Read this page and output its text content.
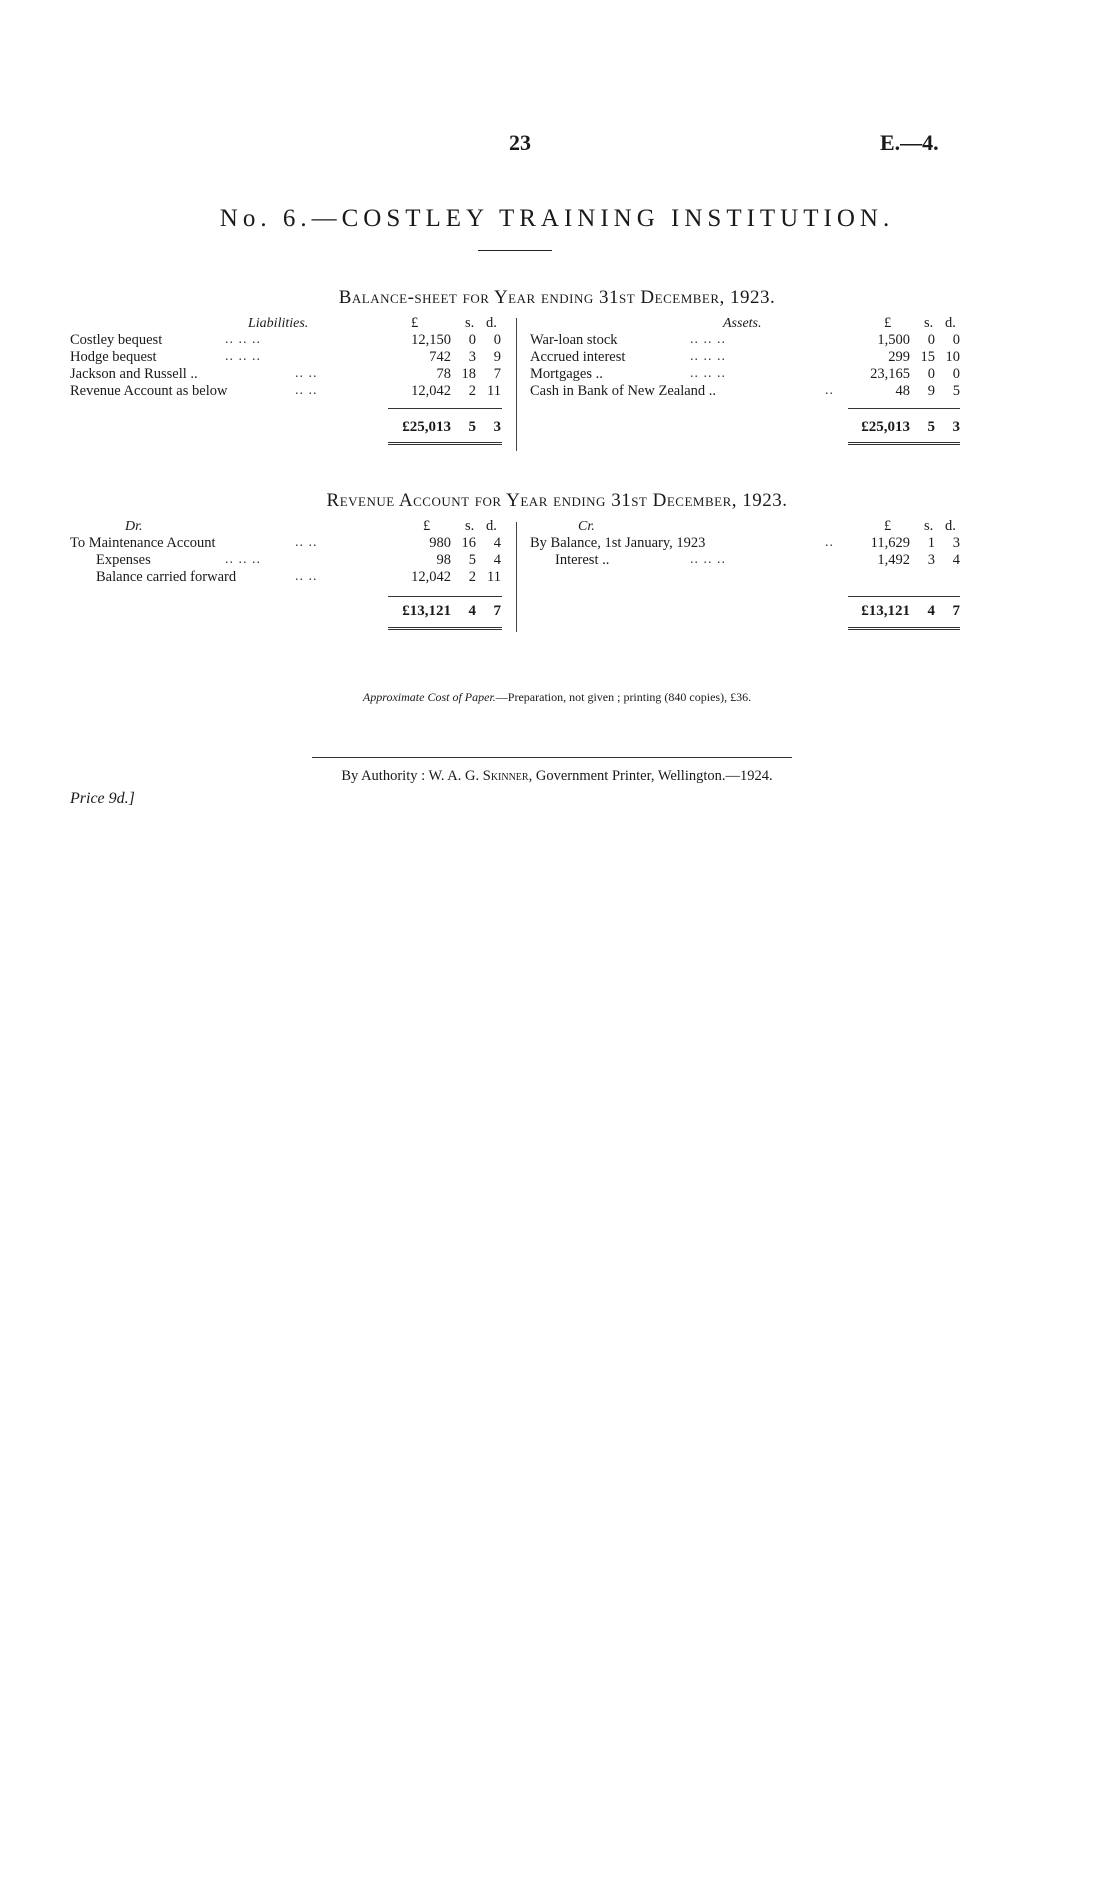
23	E.—4.
No. 6.—COSTLEY TRAINING INSTITUTION.
Balance-sheet for Year ending 31st December, 1923.
Liabilities.	Assets.
£	s. d.	£ s. d.
Costley bequest	.. .. ..	12,150	0	0
Hodge bequest	.. .. ..	742	3	9
Jackson and Russell ..	.. ..	78 18	7
Revenue Account as below	.. ..	12,042	2 11
War-loan stock	.. .. ..	1,500	0	0
Accrued interest	.. .. ..	299 15 10
Mortgages ..	.. .. ..	23,165	0	0
Cash in Bank of New Zealand ..	..	48	9	5
£25,013	5	3	£25,013	5	3
Revenue Account for Year ending 31st December, 1923.
Dr.	Cr.
£ s. d.	£ s. d.
To Maintenance Account	.. ..	980 16	4
Expenses	.. .. ..	98	5	4
Balance carried forward	.. ..	12,042	2 11
By Balance, 1st January, 1923	..	11,629	1	3
Interest ..	.. .. ..	1,492	3	4
£13,121	4	7	£13,121	4	7
Approximate Cost of Paper.—Preparation, not given ; printing (840 copies), £36.
By Authority : W. A. G. Skinner, Government Printer, Wellington.—1924.
Price 9d.]
